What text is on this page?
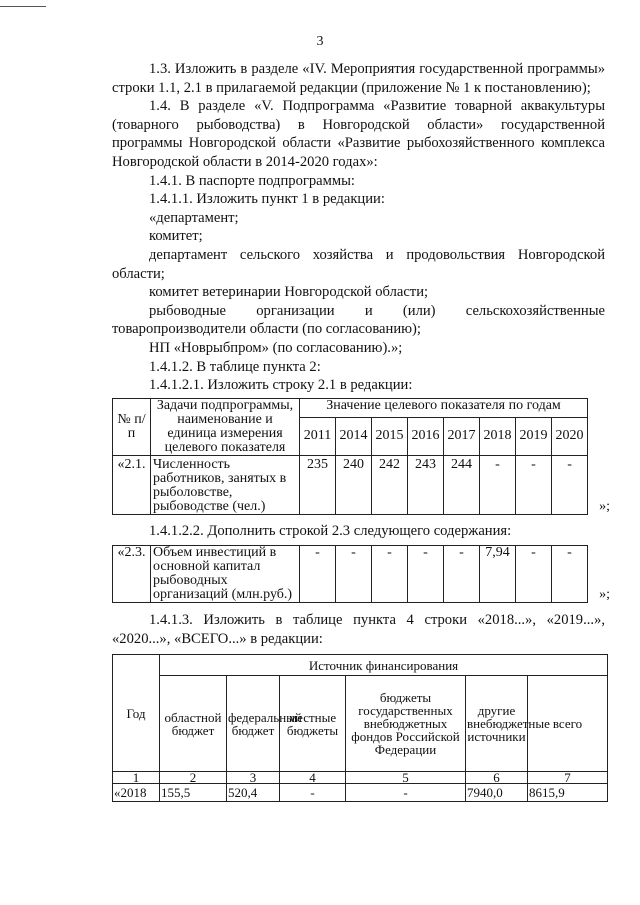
3

1.3. Изложить в разделе «IV. Мероприятия государственной программы» строки 1.1, 2.1 в прилагаемой редакции (приложение № 1 к постановлению);

1.4. В разделе «V. Подпрограмма «Развитие товарной аквакультуры (товарного рыбоводства) в Новгородской области» государственной программы Новгородской области «Развитие рыбохозяйственного комплекса Новгородской области в 2014-2020 годах»:

1.4.1. В паспорте подпрограммы:

1.4.1.1. Изложить пункт 1 в редакции:

«департамент;

комитет;

департамент сельского хозяйства и продовольствия Новгородской области;

комитет ветеринарии Новгородской области;

рыбоводные организации и (или) сельскохозяйственные товаропроизводители области (по согласованию);

НП «Новрыбпром» (по согласованию).»;

1.4.1.2. В таблице пункта 2:

1.4.1.2.1. Изложить строку 2.1 в редакции:

№ п/п	Задачи подпрограммы, наименование и единица измерения целевого показателя	Значение целевого показателя по годам							
		2011	2014	2015	2016	2017	2018	2019	2020
«2.1.	Численность работников, занятых в рыболовстве, рыбоводстве (чел.)	235	240	242	243	244	-	-	-
»;

1.4.1.2.2. Дополнить строкой 2.3 следующего содержания:

«2.3.	Объем инвестиций в основной капитал рыбоводных организаций (млн.руб.)	-	-	-	-	-	7,94	-	-
»;

1.4.1.3. Изложить в таблице пункта 4 строки «2018...», «2019...», «2020...», «ВСЕГО...» в редакции:

Год	Источник финансирования					
	областной бюджет	федеральный бюджет	местные бюджеты	бюджеты государственных внебюджетных фондов Российской Федерации	другие внебюджетные источники	всего
1	2	3	4	5	6	7
«2018	155,5	520,4	-	-	7940,0	8615,9
